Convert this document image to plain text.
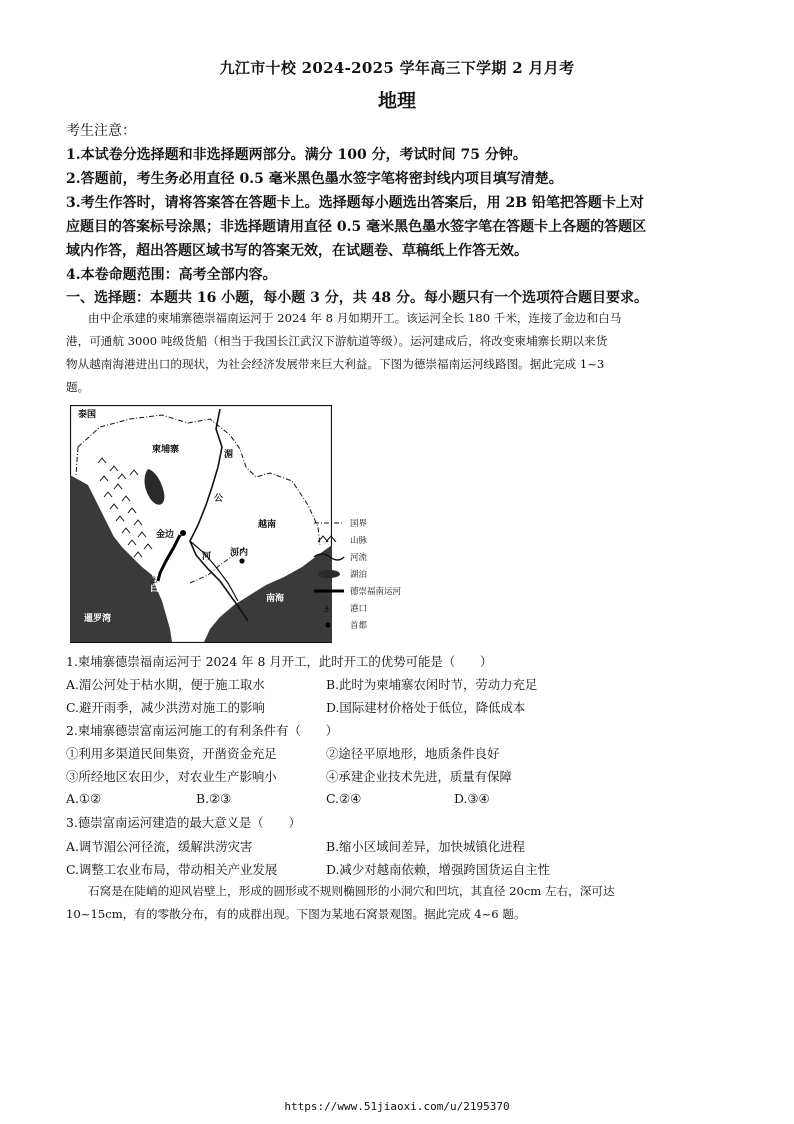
九江市十校 2024-2025 学年高三下学期 2 月月考
地理
考生注意：
1.本试卷分选择题和非选择题两部分。满分 100 分，考试时间 75 分钟。
2.答题前，考生务必用直径 0.5 毫米黑色墨水签字笔将密封线内项目填写清楚。
3.考生作答时，请将答案答在答题卡上。选择题每小题选出答案后，用 2B 铅笔把答题卡上对
应题目的答案标号涂黑；非选择题请用直径 0.5 毫米黑色墨水签字笔在答题卡上各题的答题区
域内作答，超出答题区域书写的答案无效，在试题卷、草稿纸上作答无效。
4.本卷命题范围：高考全部内容。
一、选择题：本题共 16 小题，每小题 3 分，共 48 分。每小题只有一个选项符合题目要求。
由中企承建的柬埔寨德崇福南运河于 2024 年 8 月如期开工。该运河全长 180 千米，连接了金边和白马
港，可通航 3000 吨级货船（相当于我国长江武汉下游航道等级）。运河建成后，将改变柬埔寨长期以来货
物从越南海港进出口的现状，为社会经济发展带来巨大利益。下图为德崇福南运河线路图。据此完成 1~3
题。
⚓
泰国
柬埔寨	湄
公
越南
金边
河 河内
白马
暹罗湾
南海
国界
山脉
河流
湖泊
德崇福南运河
⚓ 港口
首都
1.柬埔寨德崇福南运河于 2024 年 8 月开工，此时开工的优势可能是（　　）
A.湄公河处于枯水期，便于施工取水	B.此时为柬埔寨农闲时节，劳动力充足
C.避开雨季，减少洪涝对施工的影响	D.国际建材价格处于低位，降低成本
2.柬埔寨德崇富南运河施工的有利条件有（　　）
①利用多渠道民间集资，开凿资金充足	②途径平原地形，地质条件良好
③所经地区农田少，对农业生产影响小	④承建企业技术先进，质量有保障
A.①②	B.②③	C.②④	D.③④
3.德崇富南运河建造的最大意义是（　　）
A.调节湄公河径流，缓解洪涝灾害	B.缩小区域间差异，加快城镇化进程
C.调整工农业布局，带动相关产业发展	D.减少对越南依赖，增强跨国货运自主性
石窝是在陡峭的迎风岩壁上，形成的圆形或不规则椭圆形的小洞穴和凹坑，其直径 20cm 左右，深可达
10~15cm，有的零散分布，有的成群出现。下图为某地石窝景观图。据此完成 4~6 题。
https://www.51jiaoxi.com/u/2195370
